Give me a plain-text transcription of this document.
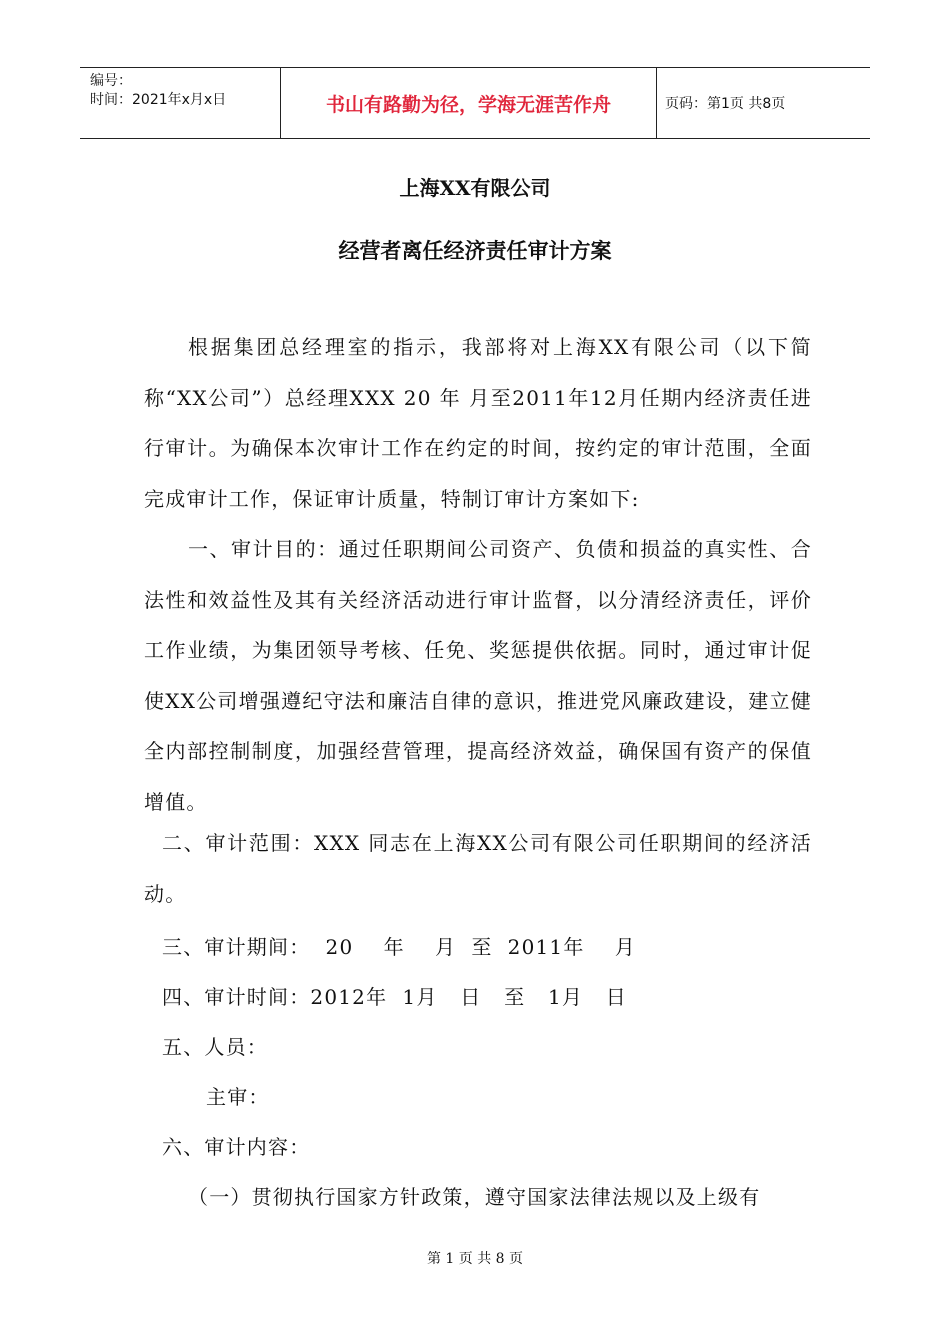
编号：
时间：2021年x月x日	书山有路勤为径，学海无涯苦作舟	页码：第1页 共8页
上海XX有限公司
经营者离任经济责任审计方案

根据集团总经理室的指示，我部将对上海XX有限公司（以下简称“XX公司”）总经理XXX 20 年 月至2011年12月任期内经济责任进行审计。为确保本次审计工作在约定的时间，按约定的审计范围，全面完成审计工作，保证审计质量，特制订审计方案如下:

一、审计目的：通过任职期间公司资产、负债和损益的真实性、合法性和效益性及其有关经济活动进行审计监督，以分清经济责任，评价工作业绩，为集团领导考核、任免、奖惩提供依据。同时，通过审计促使XX公司增强遵纪守法和廉洁自律的意识，推进党风廉政建设，建立健全内部控制制度，加强经营管理，提高经济效益，确保国有资产的保值增值。

二、审计范围：XXX 同志在上海XX公司有限公司任职期间的经济活动。

三、审计期间：  20    年    月  至  2011年    月

四、审计时间：2012年  1月   日   至   1月   日

五、人员：

主审：

六、审计内容：

（一）贯彻执行国家方针政策，遵守国家法律法规以及上级有

第 1 页 共 8 页
